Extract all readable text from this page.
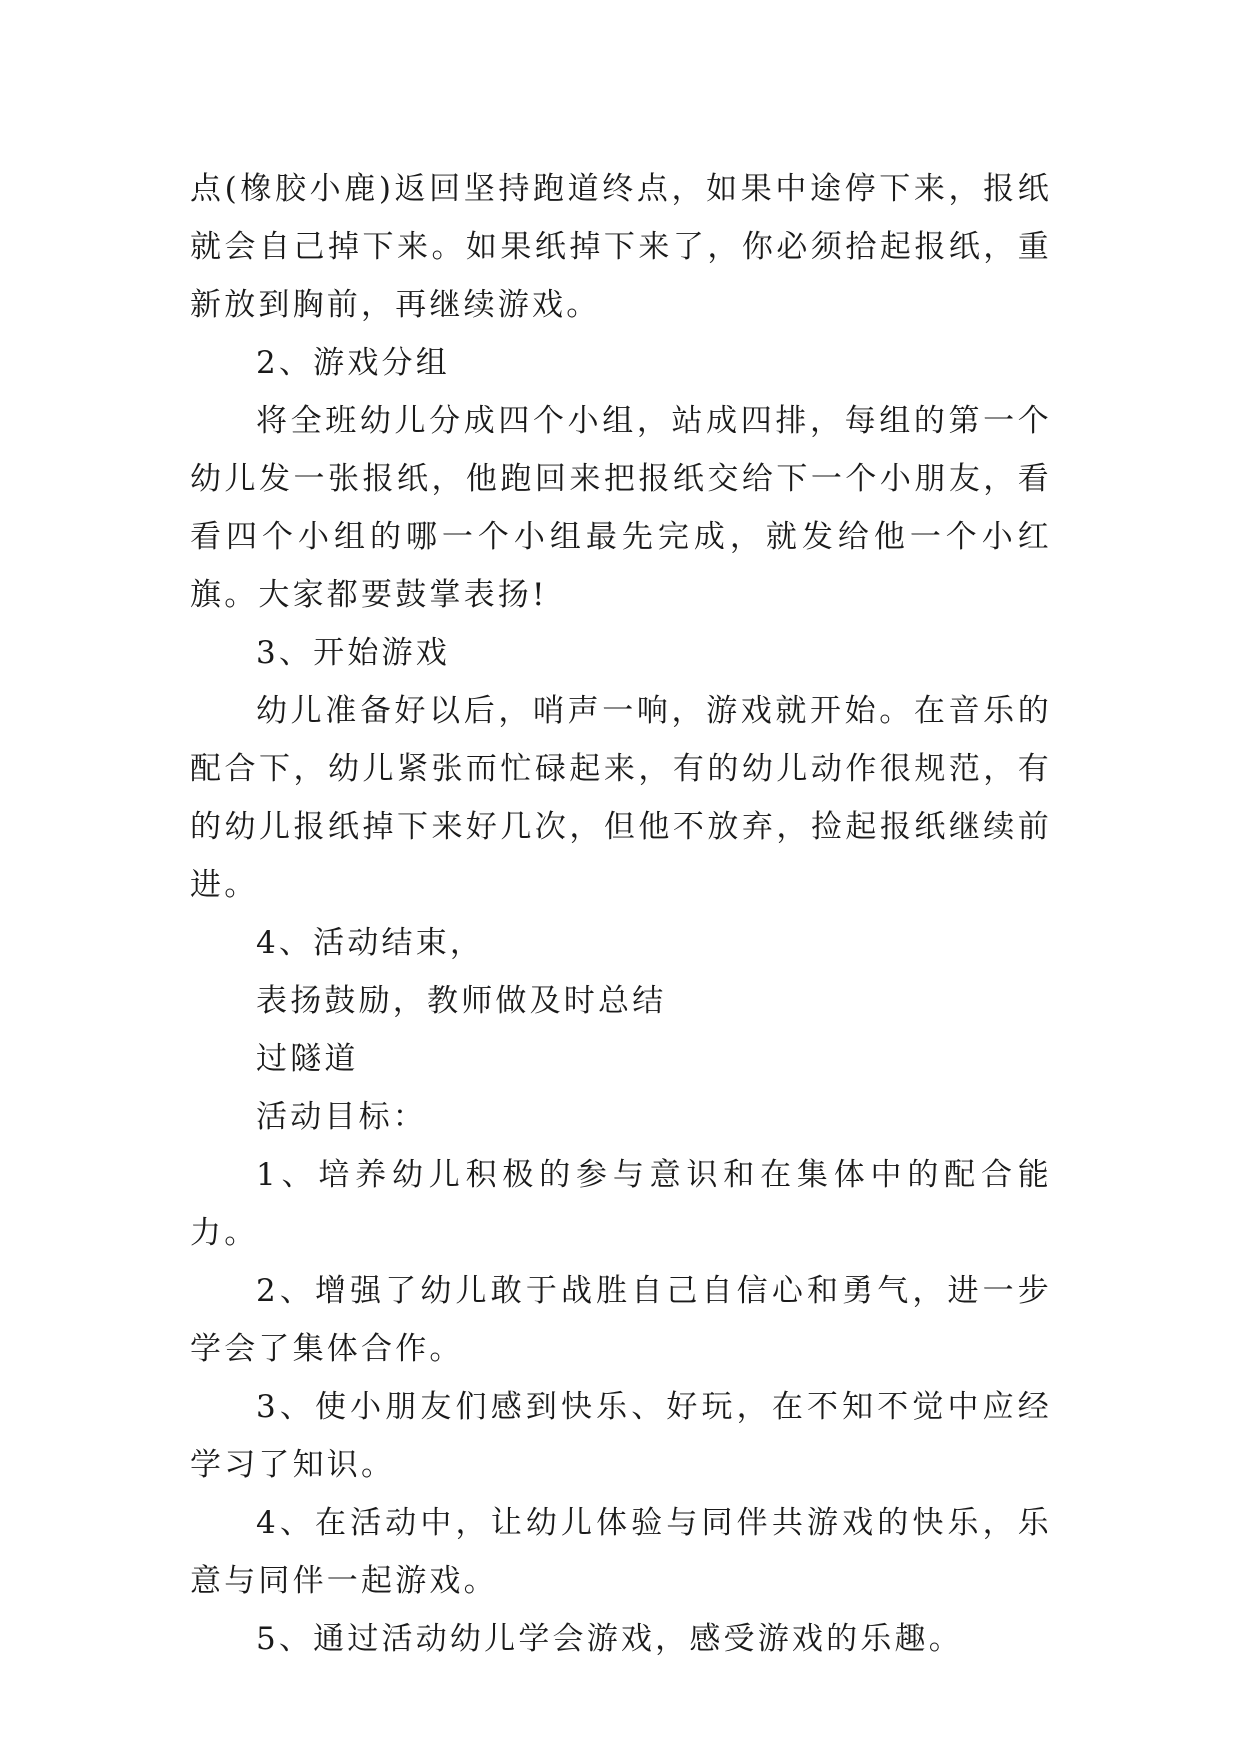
点(橡胶小鹿)返回坚持跑道终点，如果中途停下来，报纸就会自己掉下来。如果纸掉下来了，你必须拾起报纸，重新放到胸前，再继续游戏。

2、游戏分组

将全班幼儿分成四个小组，站成四排，每组的第一个幼儿发一张报纸，他跑回来把报纸交给下一个小朋友，看看四个小组的哪一个小组最先完成，就发给他一个小红旗。大家都要鼓掌表扬!

3、开始游戏

幼儿准备好以后，哨声一响，游戏就开始。在音乐的配合下，幼儿紧张而忙碌起来，有的幼儿动作很规范，有的幼儿报纸掉下来好几次，但他不放弃，捡起报纸继续前进。

4、活动结束，

表扬鼓励，教师做及时总结

过隧道

活动目标：

1、培养幼儿积极的参与意识和在集体中的配合能力。

2、增强了幼儿敢于战胜自己自信心和勇气，进一步学会了集体合作。

3、使小朋友们感到快乐、好玩，在不知不觉中应经学习了知识。

4、在活动中，让幼儿体验与同伴共游戏的快乐，乐意与同伴一起游戏。

5、通过活动幼儿学会游戏，感受游戏的乐趣。
